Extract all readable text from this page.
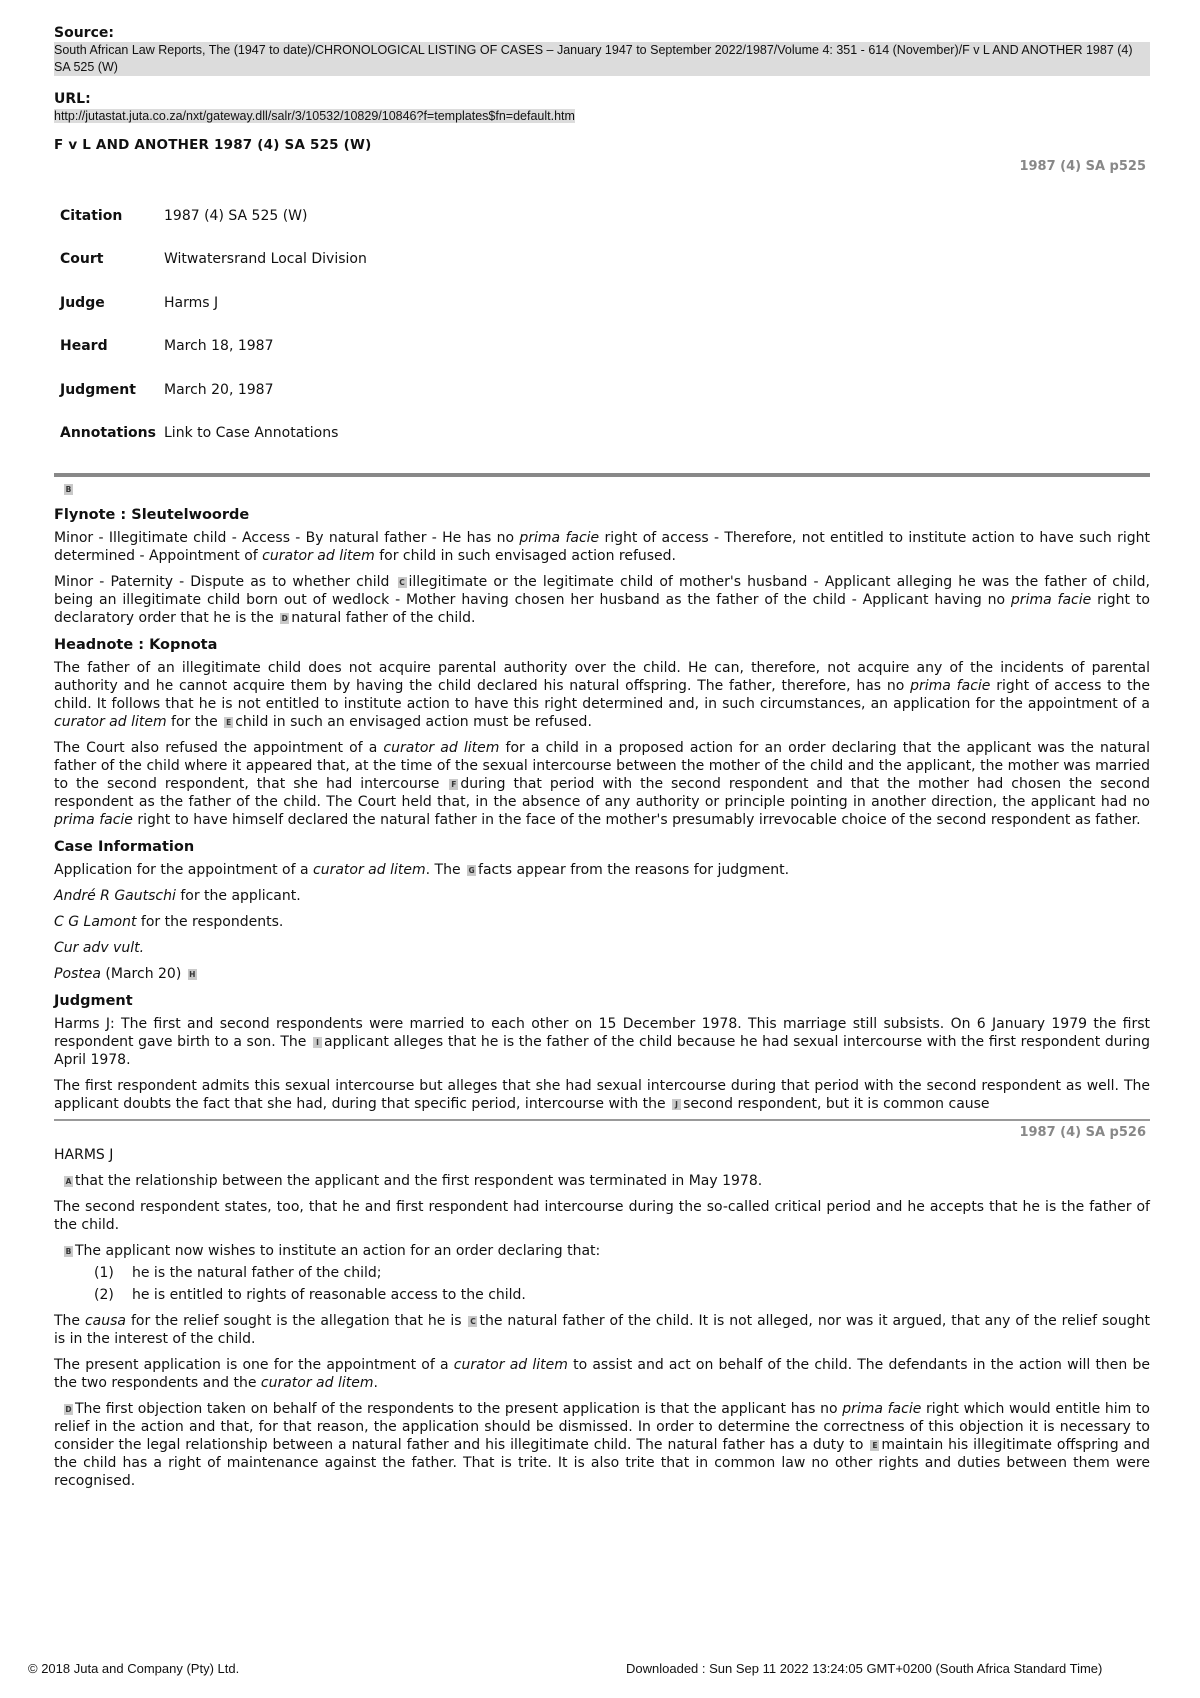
Source:
South African Law Reports, The (1947 to date)/CHRONOLOGICAL LISTING OF CASES – January 1947 to September 2022/1987/Volume 4: 351 - 614 (November)/F v L AND ANOTHER 1987 (4) SA 525 (W)
URL:
http://jutastat.juta.co.za/nxt/gateway.dll/salr/3/10532/10829/10846?f=templates$fn=default.htm
F v L AND ANOTHER 1987 (4) SA 525 (W)
1987 (4) SA p525
Citation	1987 (4) SA 525 (W)
Court	Witwatersrand Local Division
Judge	Harms J
Heard	March 18, 1987
Judgment	March 20, 1987
Annotations	Link to Case Annotations
B
Flynote : Sleutelwoorde

Minor - Illegitimate child - Access - By natural father - He has no prima facie right of access - Therefore, not entitled to institute action to have such right determined - Appointment of curator ad litem for child in such envisaged action refused.

Minor - Paternity - Dispute as to whether child C illegitimate or the legitimate child of mother's husband - Applicant alleging he was the father of child, being an illegitimate child born out of wedlock - Mother having chosen her husband as the father of the child - Applicant having no prima facie right to declaratory order that he is the D natural father of the child.

Headnote : Kopnota

The father of an illegitimate child does not acquire parental authority over the child. He can, therefore, not acquire any of the incidents of parental authority and he cannot acquire them by having the child declared his natural offspring. The father, therefore, has no prima facie right of access to the child. It follows that he is not entitled to institute action to have this right determined and, in such circumstances, an application for the appointment of a curator ad litem for the E child in such an envisaged action must be refused.

The Court also refused the appointment of a curator ad litem for a child in a proposed action for an order declaring that the applicant was the natural father of the child where it appeared that, at the time of the sexual intercourse between the mother of the child and the applicant, the mother was married to the second respondent, that she had intercourse F during that period with the second respondent and that the mother had chosen the second respondent as the father of the child. The Court held that, in the absence of any authority or principle pointing in another direction, the applicant had no prima facie right to have himself declared the natural father in the face of the mother's presumably irrevocable choice of the second respondent as father.

Case Information

Application for the appointment of a curator ad litem. The G facts appear from the reasons for judgment.

André R Gautschi for the applicant.

C G Lamont for the respondents.

Cur adv vult.

Postea (March 20) H

Judgment

Harms J: The first and second respondents were married to each other on 15 December 1978. This marriage still subsists. On 6 January 1979 the first respondent gave birth to a son. The I applicant alleges that he is the father of the child because he had sexual intercourse with the first respondent during April 1978.

The first respondent admits this sexual intercourse but alleges that she had sexual intercourse during that period with the second respondent as well. The applicant doubts the fact that she had, during that specific period, intercourse with the J second respondent, but it is common cause

1987 (4) SA p526

HARMS J

A that the relationship between the applicant and the first respondent was terminated in May 1978.

The second respondent states, too, that he and first respondent had intercourse during the so-called critical period and he accepts that he is the father of the child.

B The applicant now wishes to institute an action for an order declaring that:

(1) he is the natural father of the child;
(2) he is entitled to rights of reasonable access to the child.

The causa for the relief sought is the allegation that he is C the natural father of the child. It is not alleged, nor was it argued, that any of the relief sought is in the interest of the child.

The present application is one for the appointment of a curator ad litem to assist and act on behalf of the child. The defendants in the action will then be the two respondents and the curator ad litem.

D The first objection taken on behalf of the respondents to the present application is that the applicant has no prima facie right which would entitle him to relief in the action and that, for that reason, the application should be dismissed. In order to determine the correctness of this objection it is necessary to consider the legal relationship between a natural father and his illegitimate child. The natural father has a duty to E maintain his illegitimate offspring and the child has a right of maintenance against the father. That is trite. It is also trite that in common law no other rights and duties between them were recognised.

© 2018 Juta and Company (Pty) Ltd.	Downloaded : Sun Sep 11 2022 13:24:05 GMT+0200 (South Africa Standard Time)
